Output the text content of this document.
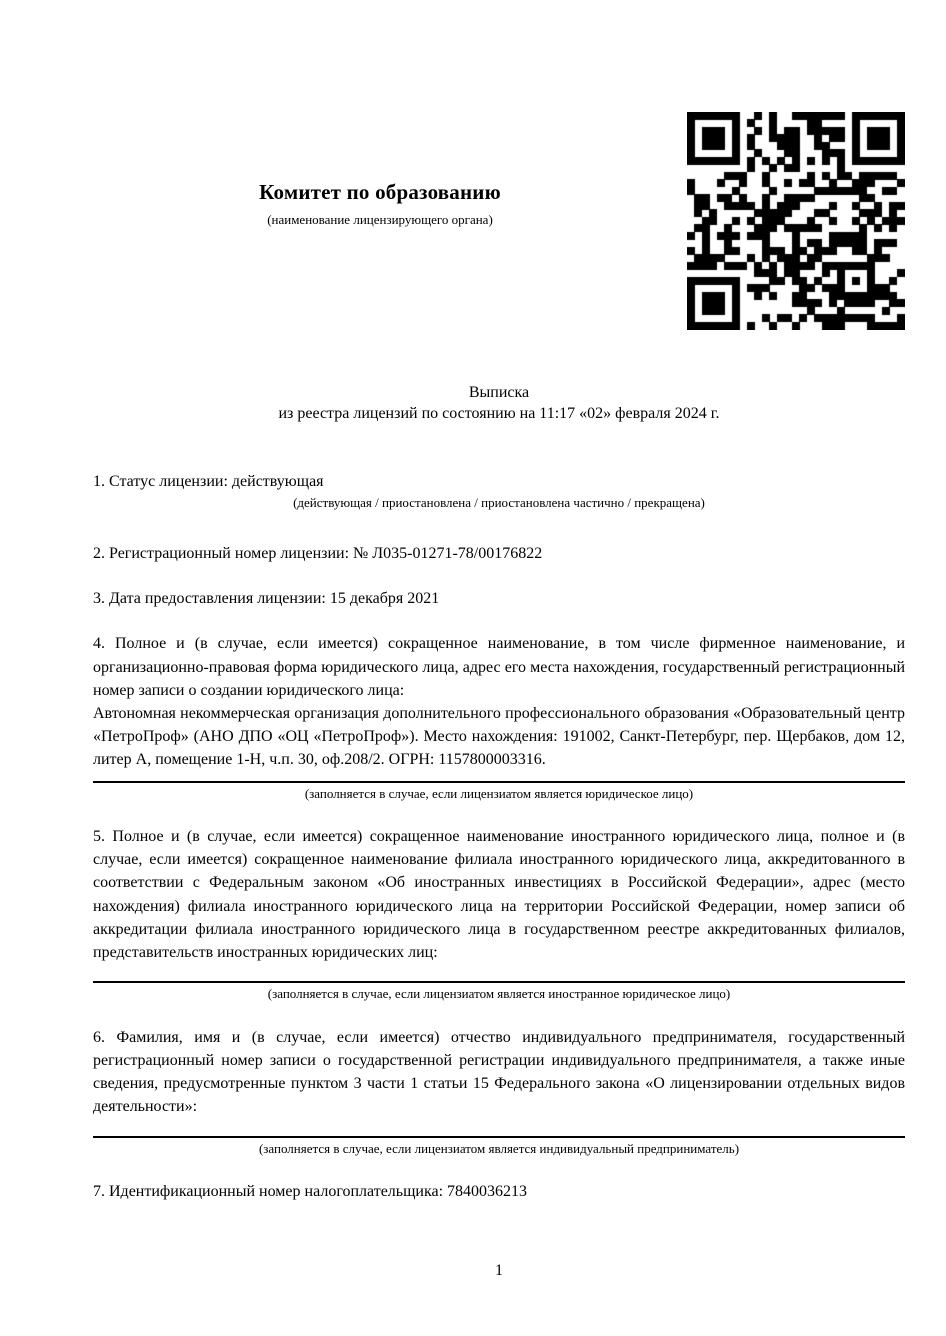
Комитет по образованию
(наименование лицензирующего органа)
Выписка
из реестра лицензий по состоянию на 11:17 «02» февраля 2024 г.
1. Статус лицензии: действующая
(действующая / приостановлена / приостановлена частично / прекращена)
2. Регистрационный номер лицензии: № Л035-01271-78/00176822
3. Дата предоставления лицензии: 15 декабря 2021
4. Полное и (в случае, если имеется) сокращенное наименование, в том числе фирменное наименование, и организационно-правовая форма юридического лица, адрес его места нахождения, государственный регистрационный номер записи о создании юридического лица:
Автономная некоммерческая организация дополнительного профессионального образования «Образовательный центр «ПетроПроф» (АНО ДПО «ОЦ «ПетроПроф»). Место нахождения: 191002, Санкт-Петербург, пер. Щербаков, дом 12, литер А, помещение 1-Н, ч.п. 30, оф.208/2. ОГРН: 1157800003316.
(заполняется в случае, если лицензиатом является юридическое лицо)
5. Полное и (в случае, если имеется) сокращенное наименование иностранного юридического лица, полное и (в случае, если имеется) сокращенное наименование филиала иностранного юридического лица, аккредитованного в соответствии с Федеральным законом «Об иностранных инвестициях в Российской Федерации», адрес (место нахождения) филиала иностранного юридического лица на территории Российской Федерации, номер записи об аккредитации филиала иностранного юридического лица в государственном реестре аккредитованных филиалов, представительств иностранных юридических лиц:
(заполняется в случае, если лицензиатом является иностранное юридическое лицо)
6. Фамилия, имя и (в случае, если имеется) отчество индивидуального предпринимателя, государственный регистрационный номер записи о государственной регистрации индивидуального предпринимателя, а также иные сведения, предусмотренные пунктом 3 части 1 статьи 15 Федерального закона «О лицензировании отдельных видов деятельности»:
(заполняется в случае, если лицензиатом является индивидуальный предприниматель)
7. Идентификационный номер налогоплательщика: 7840036213
1
